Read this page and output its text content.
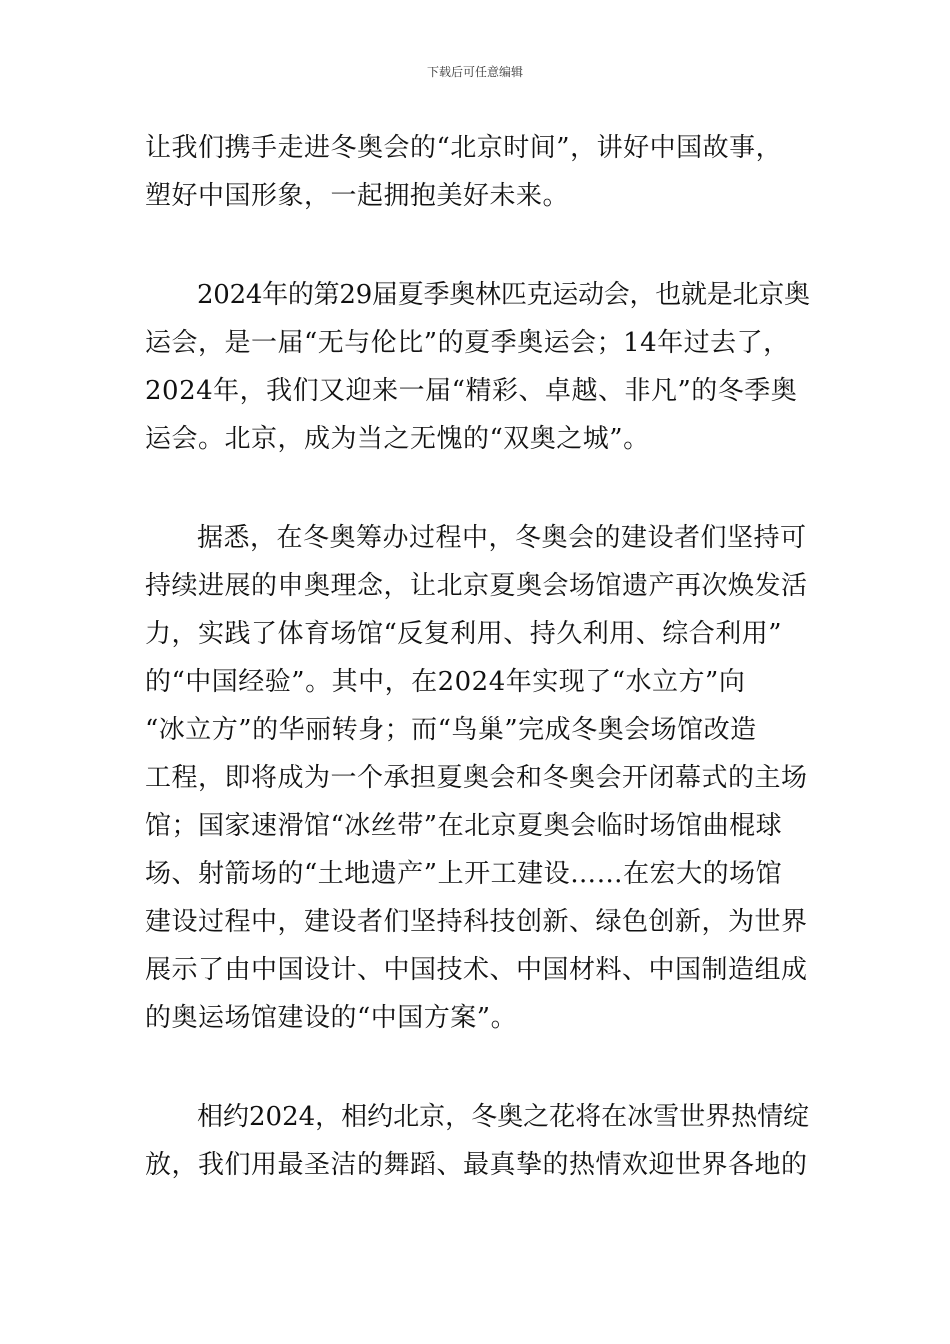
下载后可任意编辑
让我们携手走进冬奥会的“北京时间”，讲好中国故事，
塑好中国形象，一起拥抱美好未来。
2024年的第29届夏季奥林匹克运动会，也就是北京奥
运会，是一届“无与伦比”的夏季奥运会；14年过去了，
2024年，我们又迎来一届“精彩、卓越、非凡”的冬季奥
运会。北京，成为当之无愧的“双奥之城”。
据悉，在冬奥筹办过程中，冬奥会的建设者们坚持可
持续进展的申奥理念，让北京夏奥会场馆遗产再次焕发活
力，实践了体育场馆“反复利用、持久利用、综合利用”
的“中国经验”。其中，在2024年实现了“水立方”向
“冰立方”的华丽转身；而“鸟巢”完成冬奥会场馆改造
工程，即将成为一个承担夏奥会和冬奥会开闭幕式的主场
馆；国家速滑馆“冰丝带”在北京夏奥会临时场馆曲棍球
场、射箭场的“土地遗产”上开工建设……在宏大的场馆
建设过程中，建设者们坚持科技创新、绿色创新，为世界
展示了由中国设计、中国技术、中国材料、中国制造组成
的奥运场馆建设的“中国方案”。
相约2024，相约北京，冬奥之花将在冰雪世界热情绽
放，我们用最圣洁的舞蹈、最真挚的热情欢迎世界各地的
